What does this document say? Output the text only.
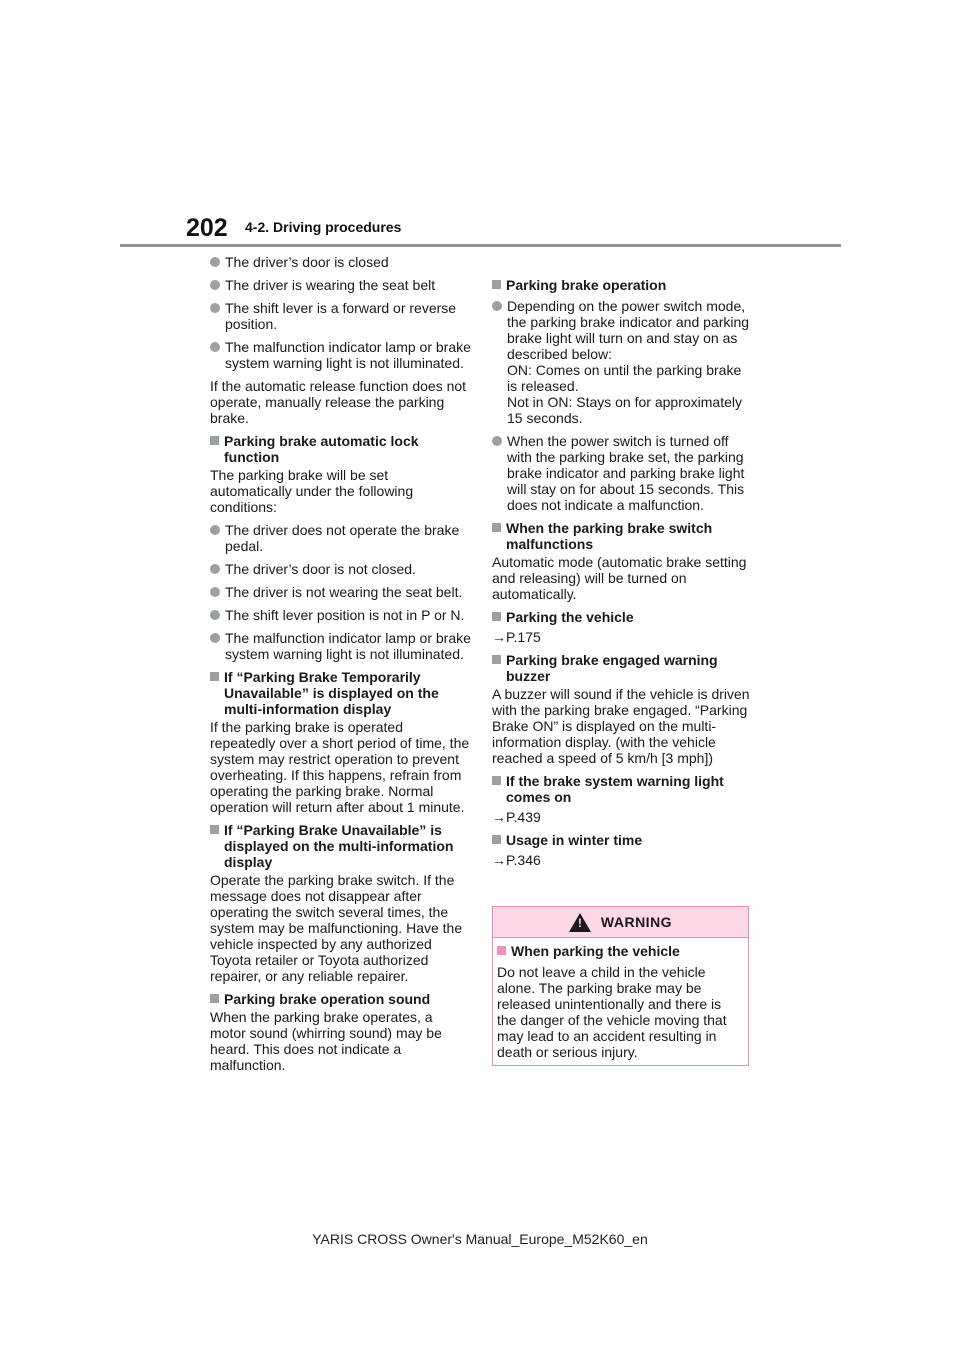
202 4-2. Driving procedures
The driver’s door is closed
The driver is wearing the seat belt
The shift lever is a forward or reverse position.
The malfunction indicator lamp or brake system warning light is not illuminated.

If the automatic release function does not operate, manually release the parking brake.

Parking brake automatic lock function

The parking brake will be set automatically under the following conditions:

The driver does not operate the brake pedal.
The driver’s door is not closed.
The driver is not wearing the seat belt.
The shift lever position is not in P or N.
The malfunction indicator lamp or brake system warning light is not illuminated.
If “Parking Brake Temporarily Unavailable” is displayed on the multi-information display

If the parking brake is operated repeatedly over a short period of time, the system may restrict operation to prevent overheating. If this happens, refrain from operating the parking brake. Normal operation will return after about 1 minute.

If “Parking Brake Unavailable” is displayed on the multi-information display

Operate the parking brake switch. If the message does not disappear after operating the switch several times, the system may be malfunctioning. Have the vehicle inspected by any authorized Toyota retailer or Toyota authorized repairer, or any reliable repairer.

Parking brake operation sound

When the parking brake operates, a motor sound (whirring sound) may be heard. This does not indicate a malfunction.

Parking brake operation
Depending on the power switch mode, the parking brake indicator and parking brake light will turn on and stay on as described below:
ON: Comes on until the parking brake is released.
Not in ON: Stays on for approximately 15 seconds.
When the power switch is turned off with the parking brake set, the parking brake indicator and parking brake light will stay on for about 15 seconds. This does not indicate a malfunction.
When the parking brake switch malfunctions

Automatic mode (automatic brake setting and releasing) will be turned on automatically.

Parking the vehicle

→P.175

Parking brake engaged warning buzzer

A buzzer will sound if the vehicle is driven with the parking brake engaged. “Parking Brake ON” is displayed on the multi-information display. (with the vehicle reached a speed of 5 km/h [3 mph])

If the brake system warning light comes on

→P.439

Usage in winter time

→P.346

! WARNING
When parking the vehicle

Do not leave a child in the vehicle alone. The parking brake may be released unintentionally and there is the danger of the vehicle moving that may lead to an accident resulting in death or serious injury.

YARIS CROSS Owner's Manual_Europe_M52K60_en
